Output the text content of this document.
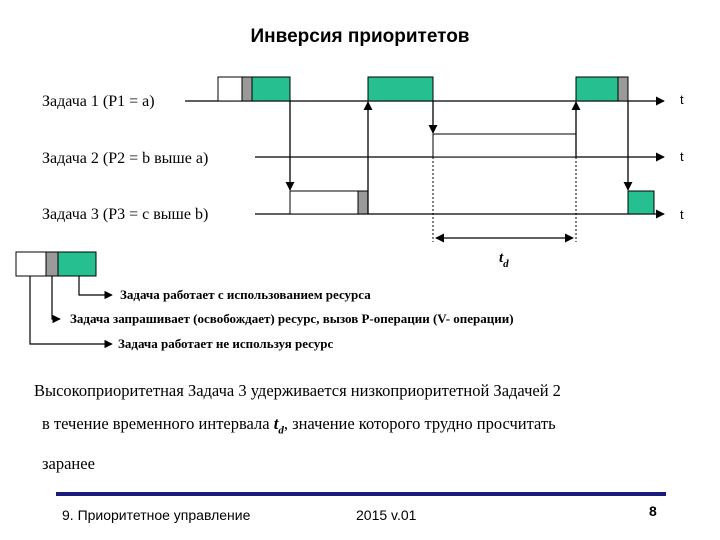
Инверсия приоритетов
Задача 1 (P1 = a)
Задача 2 (P2 = b выше a)
Задача 3 (P3 = c выше b)
t
t
t
$t_d$
Задача работает с использованием ресурса
Задача запрашивает (освобождает) ресурс, вызов P-операции (V- операции)
Задача работает не используя ресурс

Высокоприоритетная Задача 3 удерживается низкоприоритетной Задачей 2

в течение временного интервала $t_d$, значение которого трудно просчитать

заранее

9. Приоритетное управление	2015 v.01	8
